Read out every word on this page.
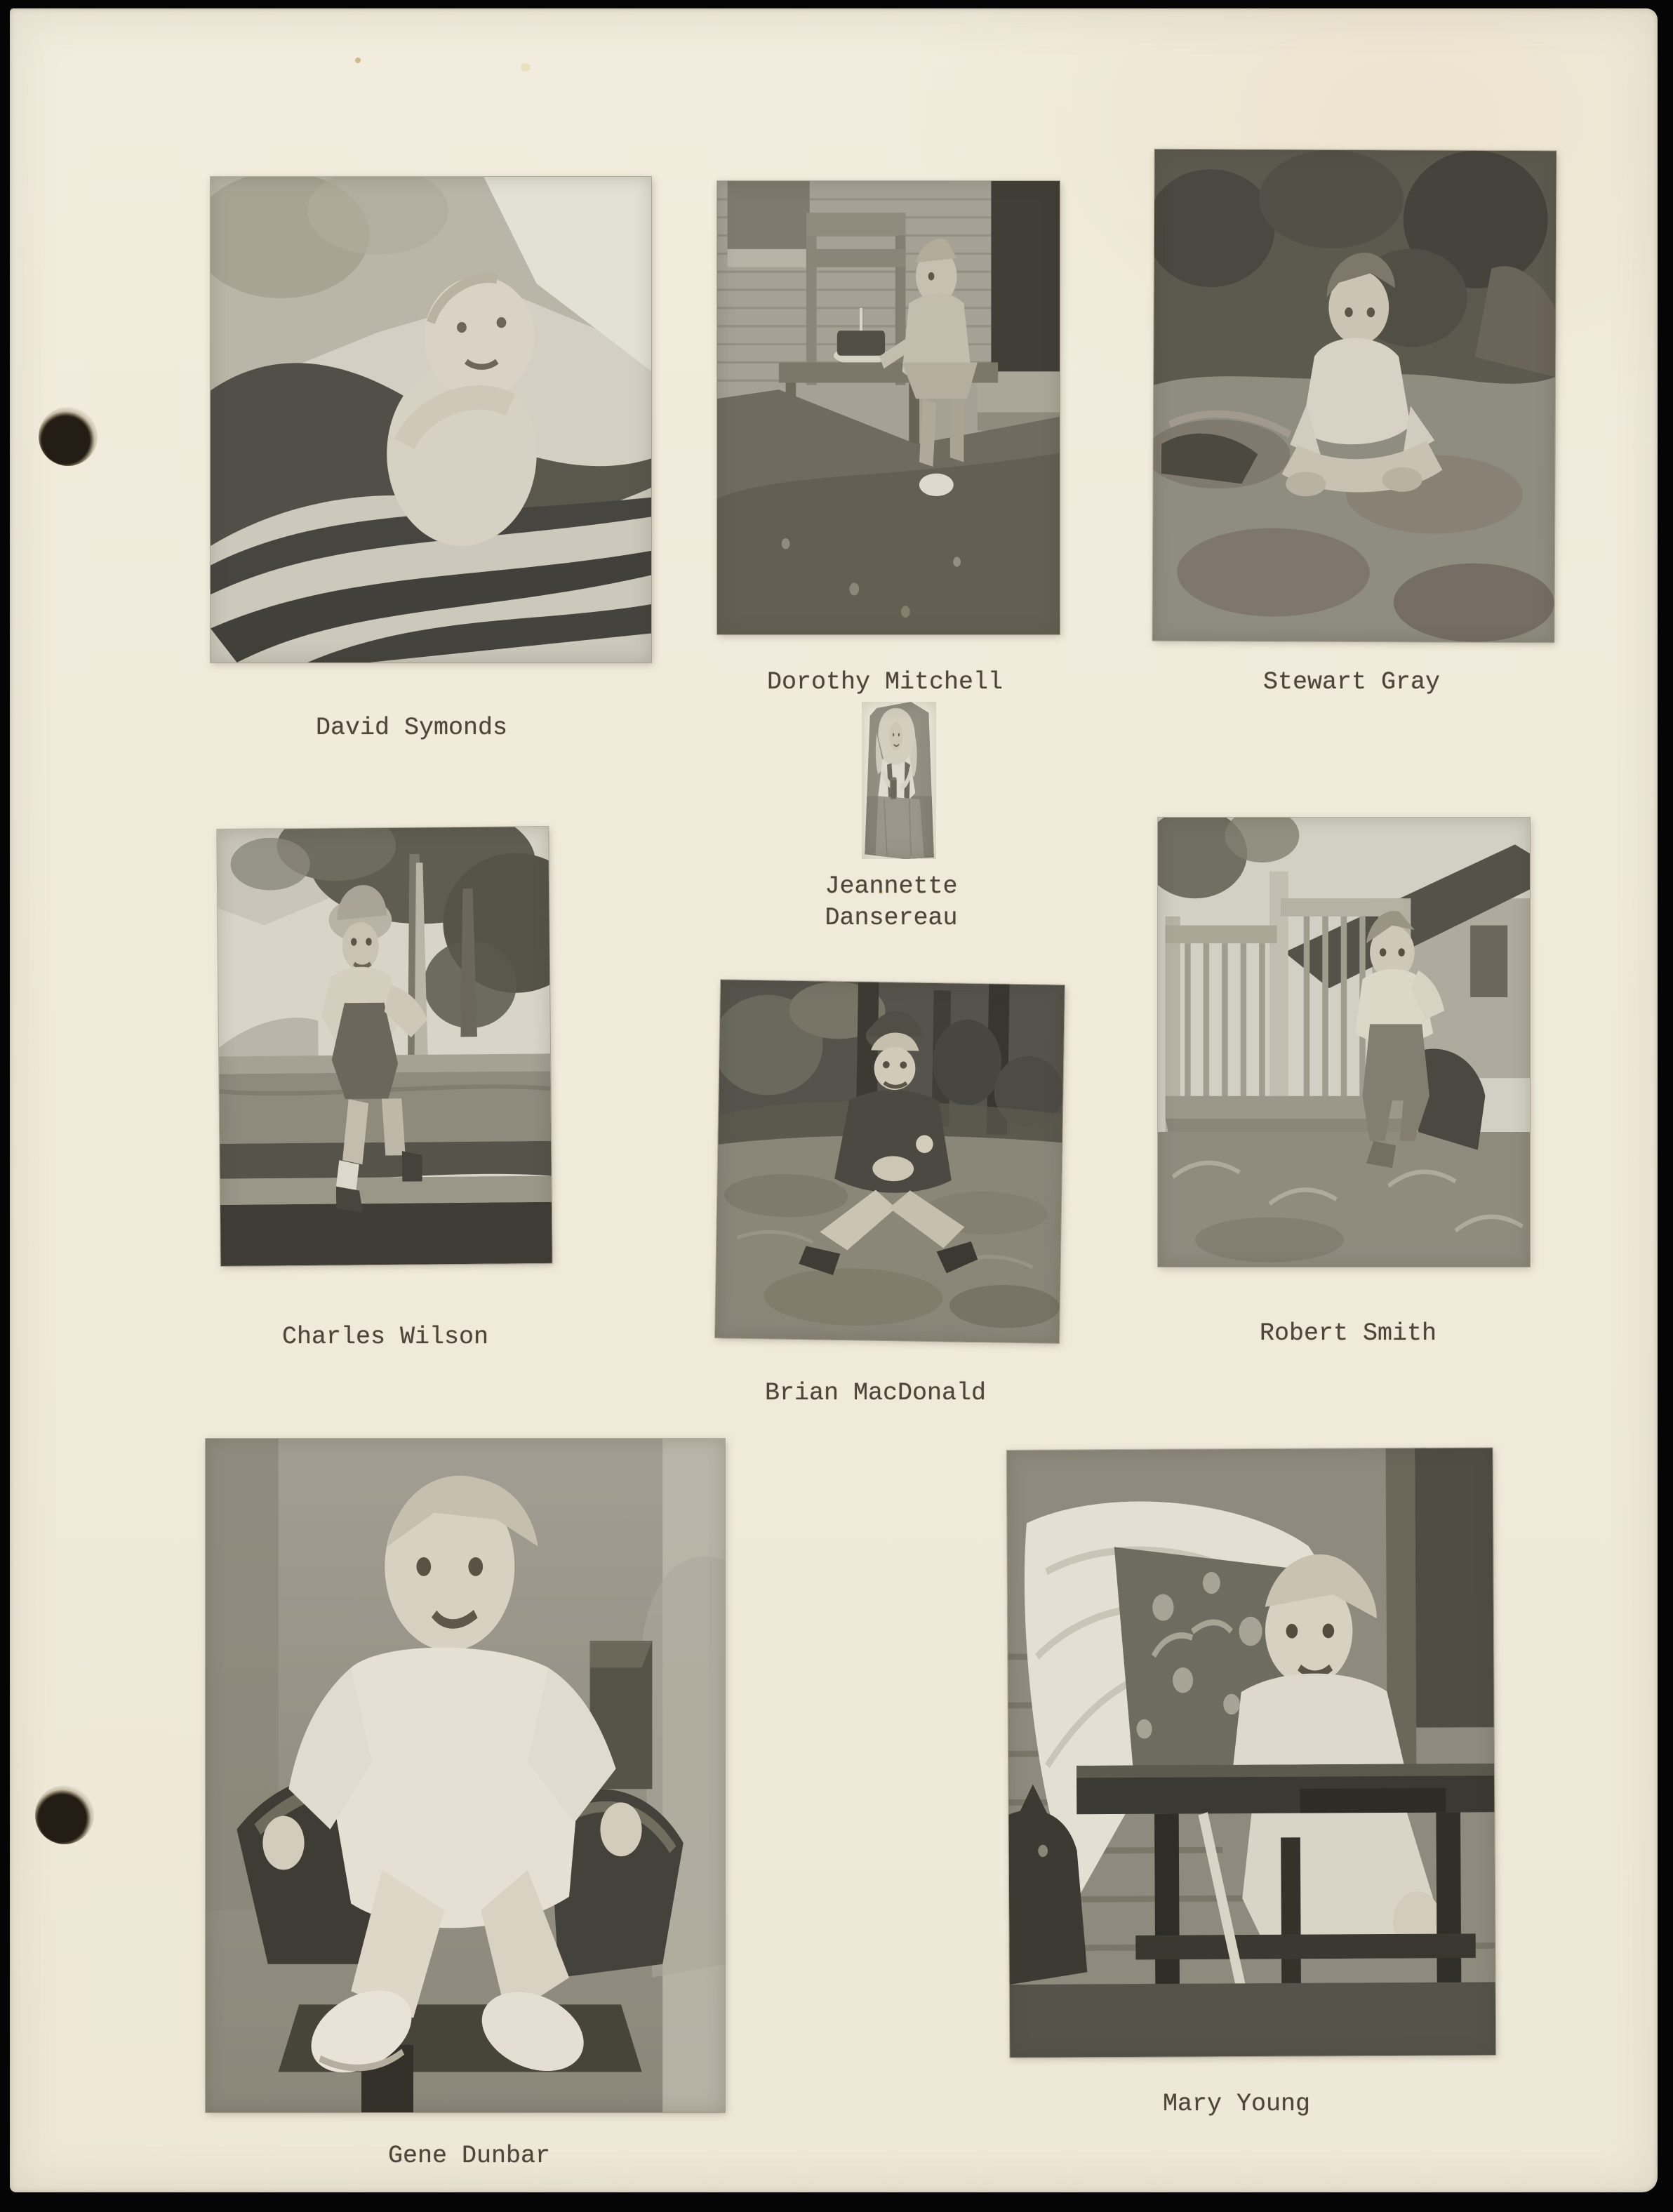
David Symonds
Dorothy Mitchell	Stewart Gray
Jeannette
Dansereau
Charles Wilson
Brian MacDonald
Robert Smith
Gene Dunbar
Mary Young
